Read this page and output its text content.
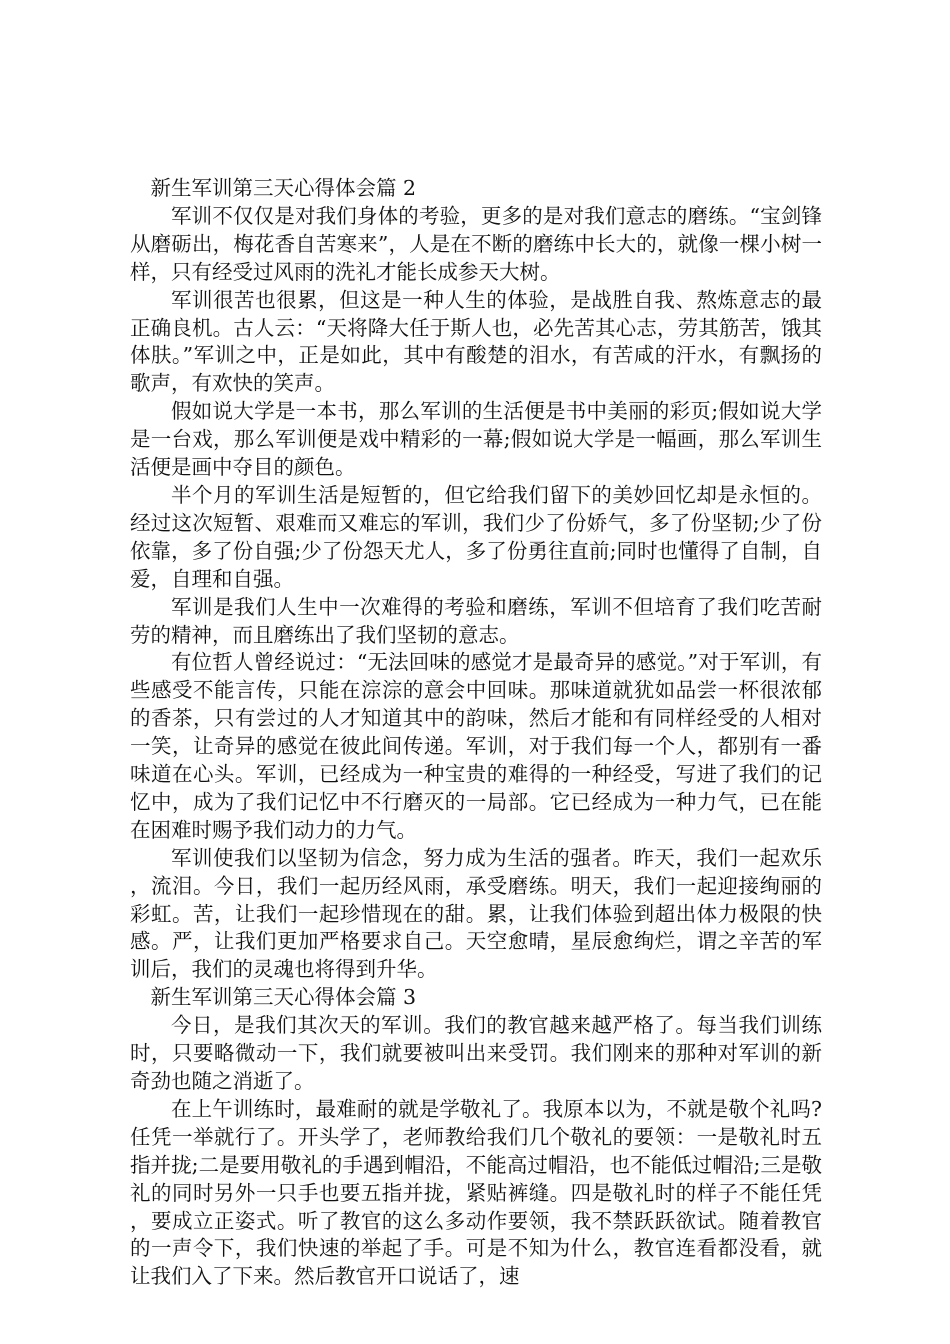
新生军训第三天心得体会篇 2

军训不仅仅是对我们身体的考验，更多的是对我们意志的磨练。“宝剑锋从磨砺出，梅花香自苦寒来”，人是在不断的磨练中长大的，就像一棵小树一样，只有经受过风雨的洗礼才能长成参天大树。

军训很苦也很累，但这是一种人生的体验，是战胜自我、熬炼意志的最正确良机。古人云：“天将降大任于斯人也，必先苦其心志，劳其筋苦，饿其体肤。”军训之中，正是如此，其中有酸楚的泪水，有苦咸的汗水，有飘扬的歌声，有欢快的笑声。

假如说大学是一本书，那么军训的生活便是书中美丽的彩页;假如说大学是一台戏，那么军训便是戏中精彩的一幕;假如说大学是一幅画，那么军训生活便是画中夺目的颜色。

半个月的军训生活是短暂的，但它给我们留下的美妙回忆却是永恒的。经过这次短暂、艰难而又难忘的军训，我们少了份娇气，多了份坚韧;少了份依靠，多了份自强;少了份怨天尤人，多了份勇往直前;同时也懂得了自制，自爱，自理和自强。

军训是我们人生中一次难得的考验和磨练，军训不但培育了我们吃苦耐劳的精神，而且磨练出了我们坚韧的意志。

有位哲人曾经说过：“无法回味的感觉才是最奇异的感觉。”对于军训，有些感受不能言传，只能在淙淙的意会中回味。那味道就犹如品尝一杯很浓郁的香茶，只有尝过的人才知道其中的韵味，然后才能和有同样经受的人相对一笑，让奇异的感觉在彼此间传递。军训，对于我们每一个人，都别有一番味道在心头。军训，已经成为一种宝贵的难得的一种经受，写进了我们的记忆中，成为了我们记忆中不行磨灭的一局部。它已经成为一种力气，已在能在困难时赐予我们动力的力气。

军训使我们以坚韧为信念，努力成为生活的强者。昨天，我们一起欢乐，流泪。今日，我们一起历经风雨，承受磨练。明天，我们一起迎接绚丽的彩虹。苦，让我们一起珍惜现在的甜。累，让我们体验到超出体力极限的快感。严，让我们更加严格要求自己。天空愈晴，星辰愈绚烂，谓之辛苦的军训后，我们的灵魂也将得到升华。

新生军训第三天心得体会篇 3

今日，是我们其次天的军训。我们的教官越来越严格了。每当我们训练时，只要略微动一下，我们就要被叫出来受罚。我们刚来的那种对军训的新奇劲也随之消逝了。

在上午训练时，最难耐的就是学敬礼了。我原本以为，不就是敬个礼吗?任凭一举就行了。开头学了，老师教给我们几个敬礼的要领：一是敬礼时五指并拢;二是要用敬礼的手遇到帽沿，不能高过帽沿，也不能低过帽沿;三是敬礼的同时另外一只手也要五指并拢，紧贴裤缝。四是敬礼时的样子不能任凭，要成立正姿式。听了教官的这么多动作要领，我不禁跃跃欲试。随着教官的一声令下，我们快速的举起了手。可是不知为什么，教官连看都没看，就让我们入了下来。然后教官开口说话了，速
